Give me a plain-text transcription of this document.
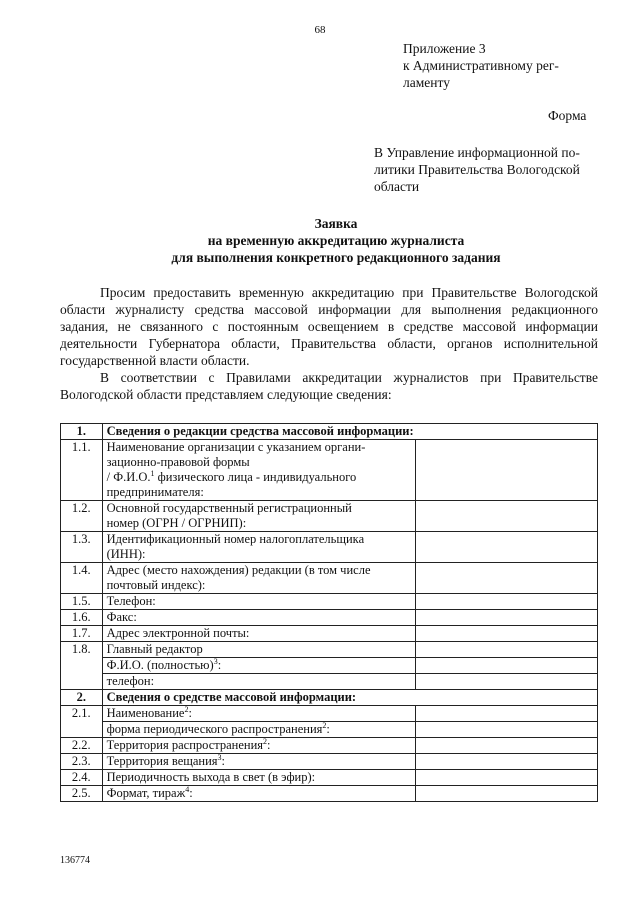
68
Приложение 3
к Административному рег-
ламенту
Форма
В Управление информационной по-
литики Правительства Вологодской
области
Заявка
на временную аккредитацию журналиста
для выполнения конкретного редакционного задания

Просим предоставить временную аккредитацию при Правительстве Вологодской области журналисту средства массовой информации для выполнения редакционного задания, не связанного с постоянным освещением в средстве массовой информации деятельности Губернатора области, Правительства области, органов исполнительной государственной власти области.

В соответствии с Правилами аккредитации журналистов при Правительстве Вологодской области представляем следующие сведения:

1.	Сведения о редакции средства массовой информации:	
1.1.	Наименование организации с указанием органи-
зационно-правовой формы
/ Ф.И.О.$^1$ физического лица - индивидуального
предпринимателя:	

1.2.	Основной государственный регистрационный
номер (ОГРН / ОГРНИП):	

1.3.	Идентификационный номер налогоплательщика
(ИНН):	

1.4.	Адрес (место нахождения) редакции (в том числе
почтовый индекс):	

1.5.	Телефон:	
1.6.	Факс:	
1.7.	Адрес электронной почты:	
1.8.	Главный редактор	
	Ф.И.О. (полностью)$^3$:	
	телефон:	
2.	Сведения о средстве массовой информации:	
2.1.	Наименование$^2$:	
	форма периодического распространения$^2$:	
2.2.	Территория распространения$^2$:	
2.3.	Территория вещания$^3$:	
2.4.	Периодичность выхода в свет (в эфир):	
2.5.	Формат, тираж$^4$:	
136774
